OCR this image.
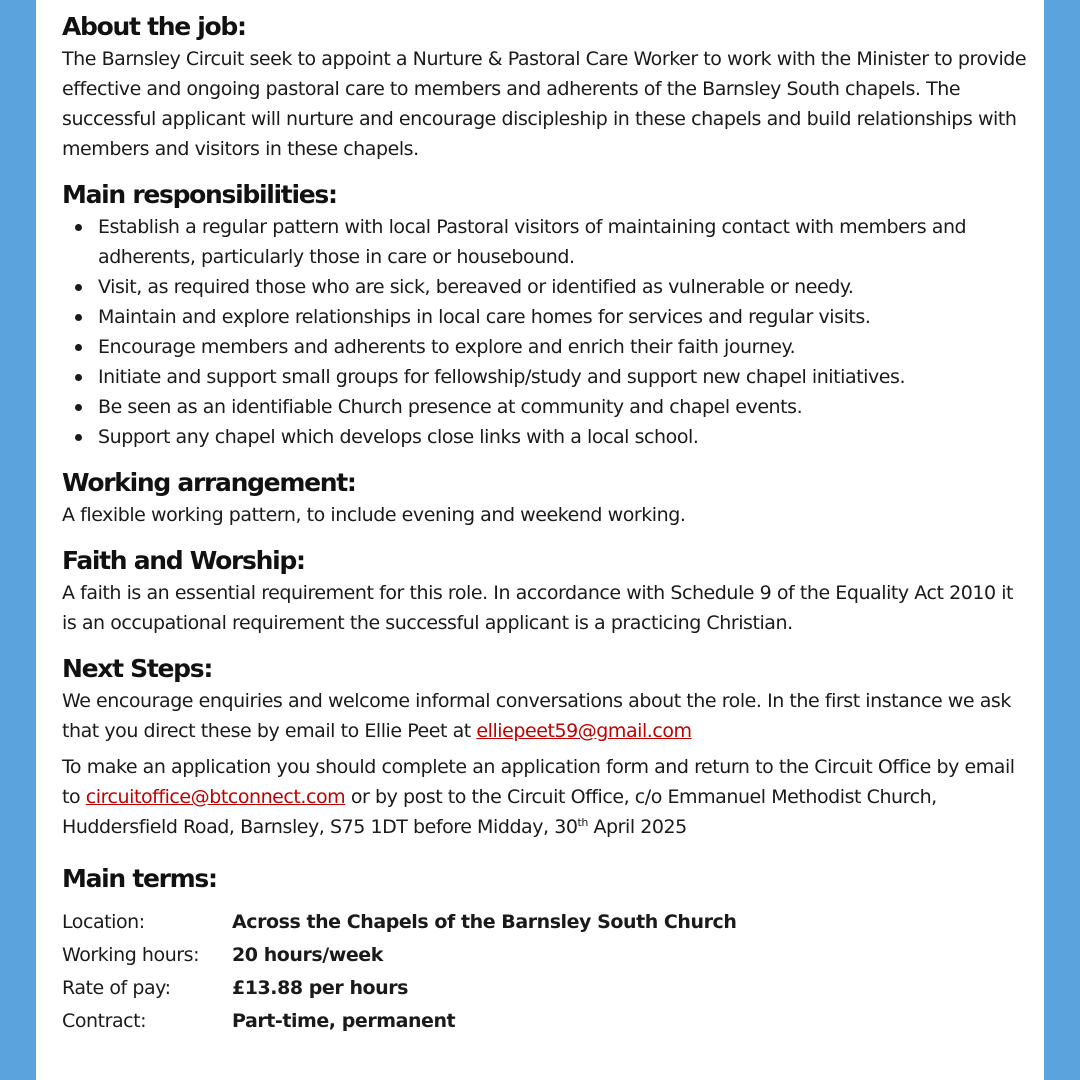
About the job:

The Barnsley Circuit seek to appoint a Nurture & Pastoral Care Worker to work with the Minister to provide effective and ongoing pastoral care to members and adherents of the Barnsley South chapels. The successful applicant will nurture and encourage discipleship in these chapels and build relationships with members and visitors in these chapels.

Main responsibilities:
Establish a regular pattern with local Pastoral visitors of maintaining contact with members and adherents, particularly those in care or housebound.
Visit, as required those who are sick, bereaved or identified as vulnerable or needy.
Maintain and explore relationships in local care homes for services and regular visits.
Encourage members and adherents to explore and enrich their faith journey.
Initiate and support small groups for fellowship/study and support new chapel initiatives.
Be seen as an identifiable Church presence at community and chapel events.
Support any chapel which develops close links with a local school.
Working arrangement:

A flexible working pattern, to include evening and weekend working.

Faith and Worship:

A faith is an essential requirement for this role. In accordance with Schedule 9 of the Equality Act 2010 it is an occupational requirement the successful applicant is a practicing Christian.

Next Steps:

We encourage enquiries and welcome informal conversations about the role. In the first instance we ask that you direct these by email to Ellie Peet at elliepeet59@gmail.com

To make an application you should complete an application form and return to the Circuit Office by email to circuitoffice@btconnect.com or by post to the Circuit Office, c/o Emmanuel Methodist Church, Huddersfield Road, Barnsley, S75 1DT before Midday, 30th April 2025

Main terms:
Location:	Across the Chapels of the Barnsley South Church
Working hours:	20 hours/week
Rate of pay:	£13.88 per hours
Contract:	Part-time, permanent
